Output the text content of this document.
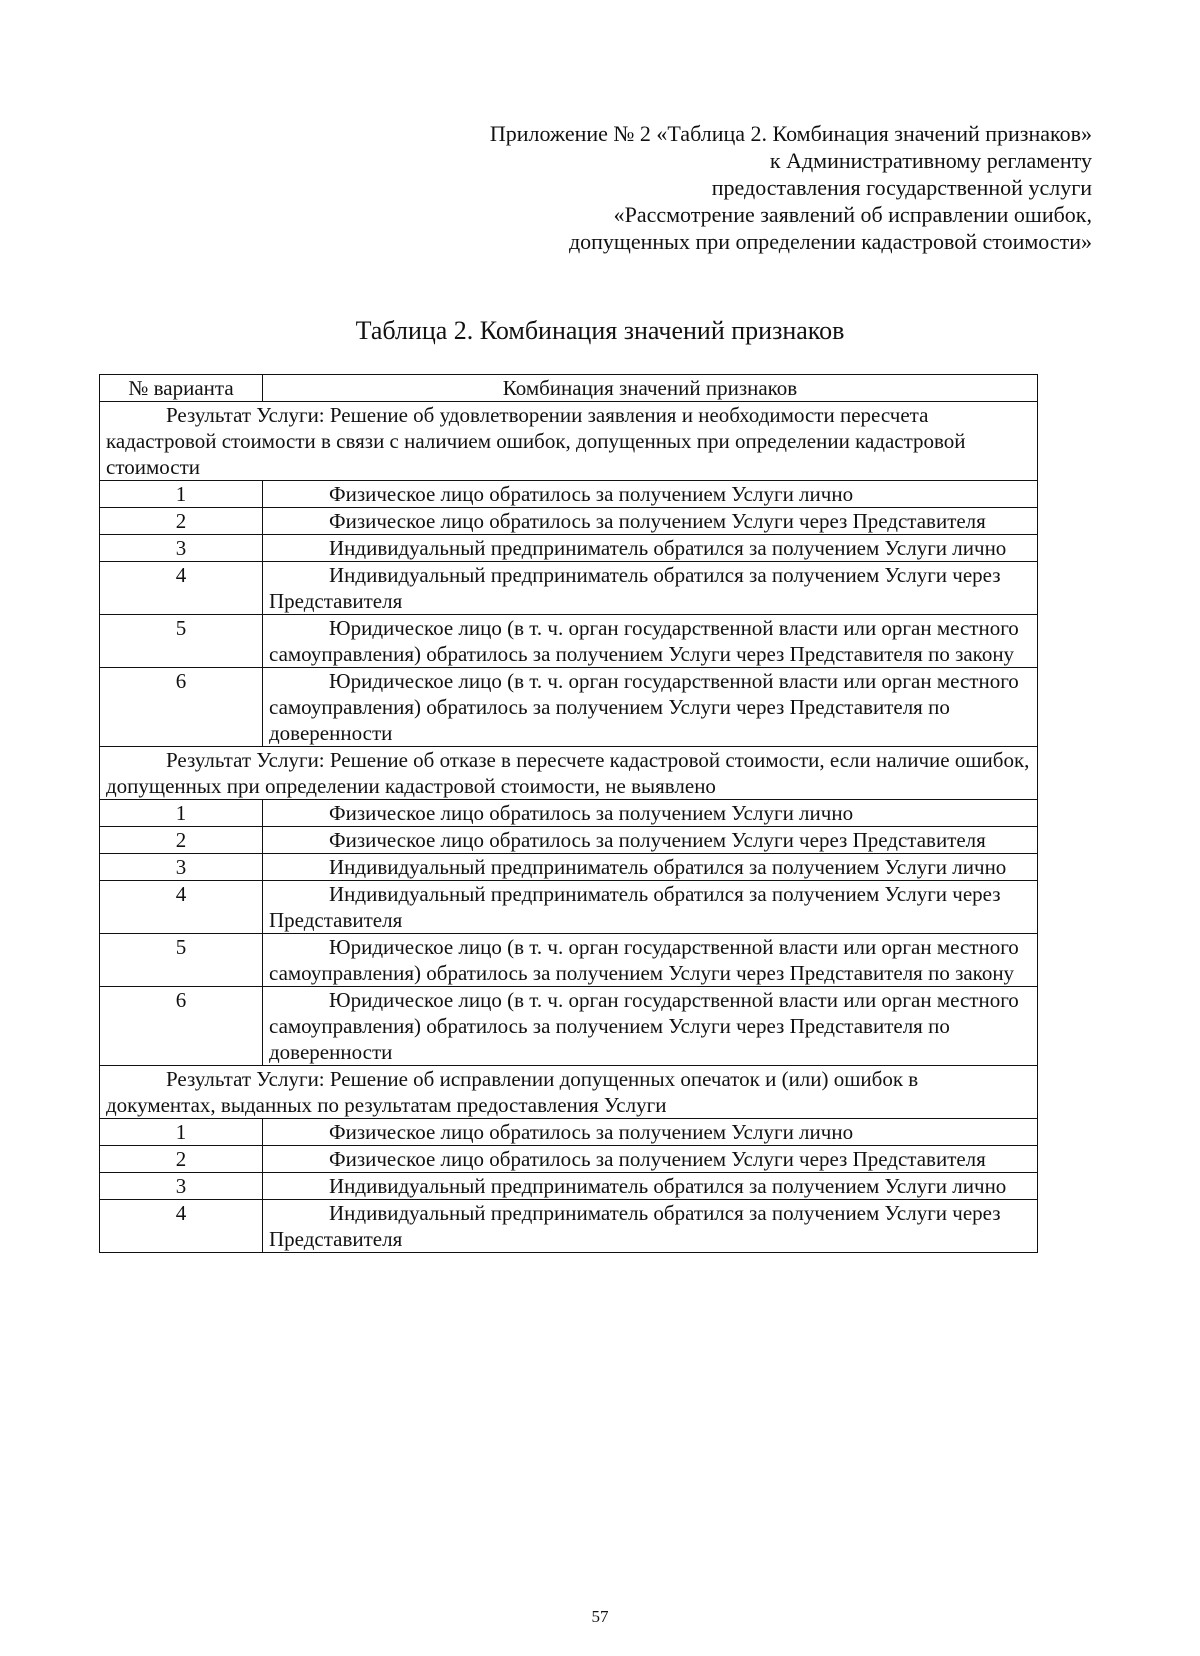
Приложение № 2 «Таблица 2. Комбинация значений признаков»
к Административному регламенту
предоставления государственной услуги
«Рассмотрение заявлений об исправлении ошибок,
допущенных при определении кадастровой стоимости»
Таблица 2. Комбинация значений признаков
№ варианта	Комбинация значений признаков

Результат Услуги: Решение об удовлетворении заявления и необходимости пересчета кадастровой стоимости в связи с наличием ошибок, допущенных при определении кадастровой стоимости	

1	Физическое лицо обратилось за получением Услуги лично
2	Физическое лицо обратилось за получением Услуги через Представителя
3	Индивидуальный предприниматель обратился за получением Услуги лично
4	Индивидуальный предприниматель обратился за получением Услуги через Представителя
5	Юридическое лицо (в т. ч. орган государственной власти или орган местного самоуправления) обратилось за получением Услуги через Представителя по закону
6	Юридическое лицо (в т. ч. орган государственной власти или орган местного самоуправления) обратилось за получением Услуги через Представителя по доверенности

Результат Услуги: Решение об отказе в пересчете кадастровой стоимости, если наличие ошибок, допущенных при определении кадастровой стоимости, не выявлено	

1	Физическое лицо обратилось за получением Услуги лично
2	Физическое лицо обратилось за получением Услуги через Представителя
3	Индивидуальный предприниматель обратился за получением Услуги лично
4	Индивидуальный предприниматель обратился за получением Услуги через Представителя
5	Юридическое лицо (в т. ч. орган государственной власти или орган местного самоуправления) обратилось за получением Услуги через Представителя по закону
6	Юридическое лицо (в т. ч. орган государственной власти или орган местного самоуправления) обратилось за получением Услуги через Представителя по доверенности

Результат Услуги: Решение об исправлении допущенных опечаток и (или) ошибок в документах, выданных по результатам предоставления Услуги	

1	Физическое лицо обратилось за получением Услуги лично
2	Физическое лицо обратилось за получением Услуги через Представителя
3	Индивидуальный предприниматель обратился за получением Услуги лично
4	Индивидуальный предприниматель обратился за получением Услуги через Представителя
57
